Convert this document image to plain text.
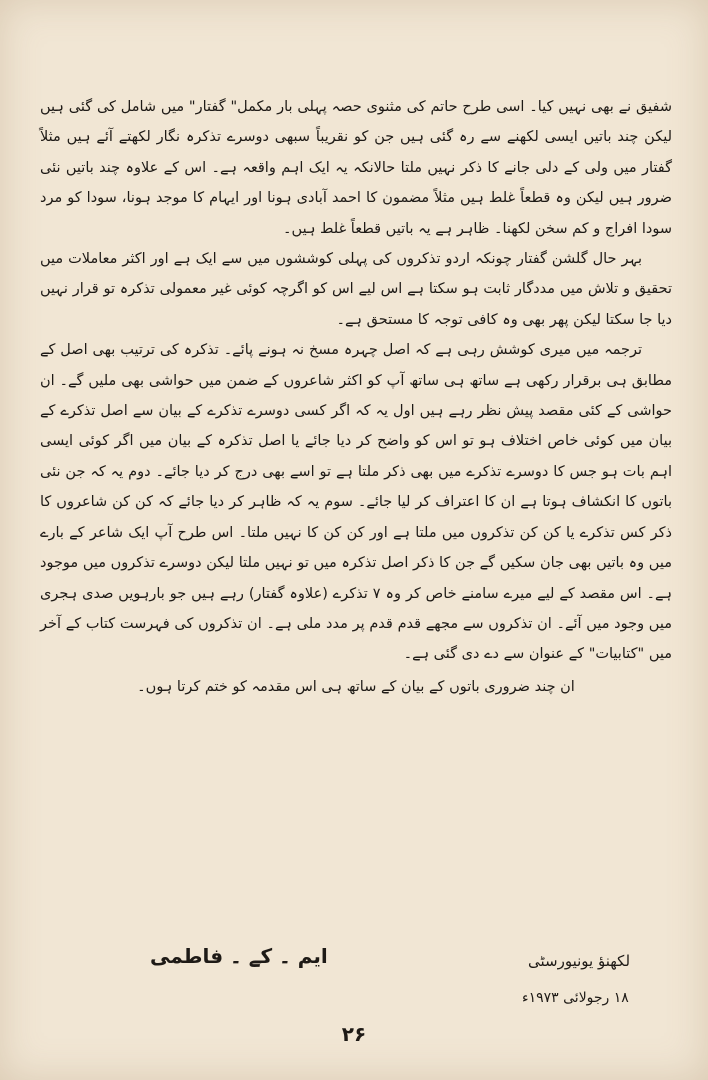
شفیق نے بھی نہیں کیا۔ اسی طرح حاتم کی مثنوی حصہ پہلی بار مکمل" گفتار" میں شامل کی گئی ہیں لیکن چند باتیں ایسی لکھنے سے رہ گئی ہیں جن کو نقریباً سبھی دوسرے تذکرہ نگار لکھتے آئے ہیں مثلاً گفتار میں ولی کے دلی جانے کا ذکر نہیں ملتا حالانکہ یہ ایک اہم واقعہ ہے۔ اس کے علاوہ چند باتیں نئی ضرور ہیں لیکن وہ قطعاً غلط ہیں مثلاً مضمون کا احمد آبادی ہونا اور ایہام کا موجد ہونا، سودا کو مرد سودا افراج و کم سخن لکھنا۔ ظاہر ہے یہ باتیں قطعاً غلط ہیں۔

بہر حال گلشن گفتار چونکہ اردو تذکروں کی پہلی کوششوں میں سے ایک ہے اور اکثر معاملات میں تحقیق و تلاش میں مددگار ثابت ہو سکتا ہے اس لیے اس کو اگرچہ کوئی غیر معمولی تذکرہ تو قرار نہیں دیا جا سکتا لیکن پھر بھی وہ کافی توجہ کا مستحق ہے۔

ترجمہ میں میری کوشش رہی ہے کہ اصل چہرہ مسخ نہ ہونے پائے۔ تذکرہ کی ترتیب بھی اصل کے مطابق ہی برقرار رکھی ہے ساتھ ہی ساتھ آپ کو اکثر شاعروں کے ضمن میں حواشی بھی ملیں گے۔ ان حواشی کے کئی مقصد پیش نظر رہے ہیں اول یہ کہ اگر کسی دوسرے تذکرے کے بیان سے اصل تذکرے کے بیان میں کوئی خاص اختلاف ہو تو اس کو واضح کر دیا جائے یا اصل تذکرہ کے بیان میں اگر کوئی ایسی اہم بات ہو جس کا دوسرے تذکرے میں بھی ذکر ملتا ہے تو اسے بھی درج کر دیا جائے۔ دوم یہ کہ جن نئی باتوں کا انکشاف ہوتا ہے ان کا اعتراف کر لیا جائے۔ سوم یہ کہ ظاہر کر دیا جائے کہ کن کن شاعروں کا ذکر کس تذکرے یا کن کن تذکروں میں ملتا ہے اور کن کن کا نہیں ملتا۔ اس طرح آپ ایک شاعر کے بارے میں وہ باتیں بھی جان سکیں گے جن کا ذکر اصل تذکرہ میں تو نہیں ملتا لیکن دوسرے تذکروں میں موجود ہے۔ اس مقصد کے لیے میرے سامنے خاص کر وہ ۷ تذکرے (علاوہ گفتار) رہے ہیں جو بارہویں صدی ہجری میں وجود میں آئے۔ ان تذکروں سے مجھے قدم قدم پر مدد ملی ہے۔ ان تذکروں کی فہرست کتاب کے آخر میں "کتابیات" کے عنوان سے دے دی گئی ہے۔

ان چند ضروری باتوں کے بیان کے ساتھ ہی اس مقدمہ کو ختم کرتا ہوں۔

ایم ۔ کے ۔ فاطمی	لکھنؤ یونیورسٹی
۱۸ رجولائی ۱۹۷۳ء
۲۶
